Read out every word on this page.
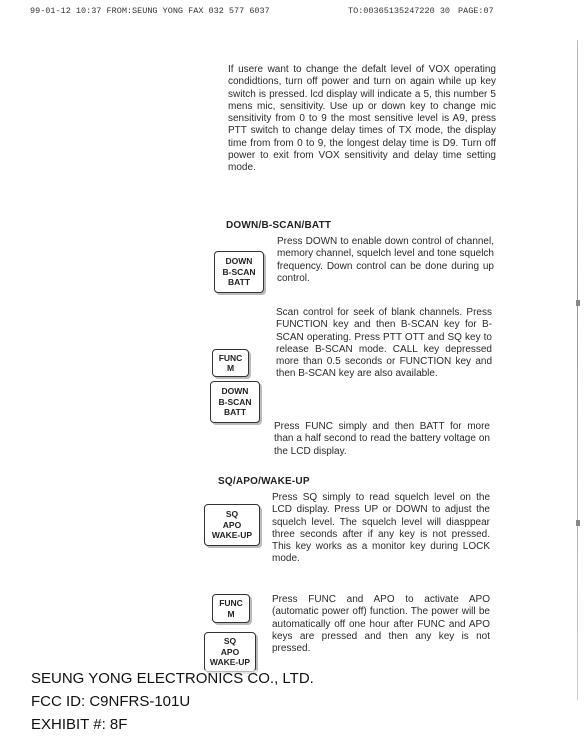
99-01-12 10:37 FROM:SEUNG YONG FAX 032 577 6037	TO:00365135247220 30 PAGE:07

If usere want to change the defalt level of VOX operating condidtions, turn off power and turn on again while up key switch is pressed. lcd display will indicate a 5, this number 5 mens mic, sensitivity. Use up or down key to change mic sensitivity from 0 to 9 the most sensitive level is A9, press PTT switch to change delay times of TX mode, the display time from from 0 to 9, the longest delay time is D9. Turn off power to exit from VOX sensitivity and delay time setting mode.

DOWN/B-SCAN/BATT

Press DOWN to enable down control of channel, memory channel, squelch level and tone squelch frequency. Down control can be done during up control.

DOWN
B-SCAN
BATT

Scan control for seek of blank channels. Press FUNCTION key and then B-SCAN key for B-SCAN operating. Press PTT OTT and SQ key to release B-SCAN mode. CALL key depressed more than 0.5 seconds or FUNCTION key and then B-SCAN key are also available.

FUNC
M
DOWN
B-SCAN
BATT

Press FUNC simply and then BATT for more than a half second to read the battery voltage on the LCD display.

SQ/APO/WAKE-UP

Press SQ simply to read squelch level on the LCD display. Press UP or DOWN to adjust the squelch level. The squelch level will diasppear three seconds after if any key is not pressed. This key works as a monitor key during LOCK mode.

SQ
APO
WAKE-UP
FUNC
M

Press FUNC and APO to activate APO (automatic power off) function. The power will be automatically off one hour after FUNC and APO keys are pressed and then any key is not pressed.

SQ
APO
WAKE-UP
SEUNG YONG ELECTRONICS CO., LTD.
FCC ID: C9NFRS-101U
EXHIBIT #: 8F
